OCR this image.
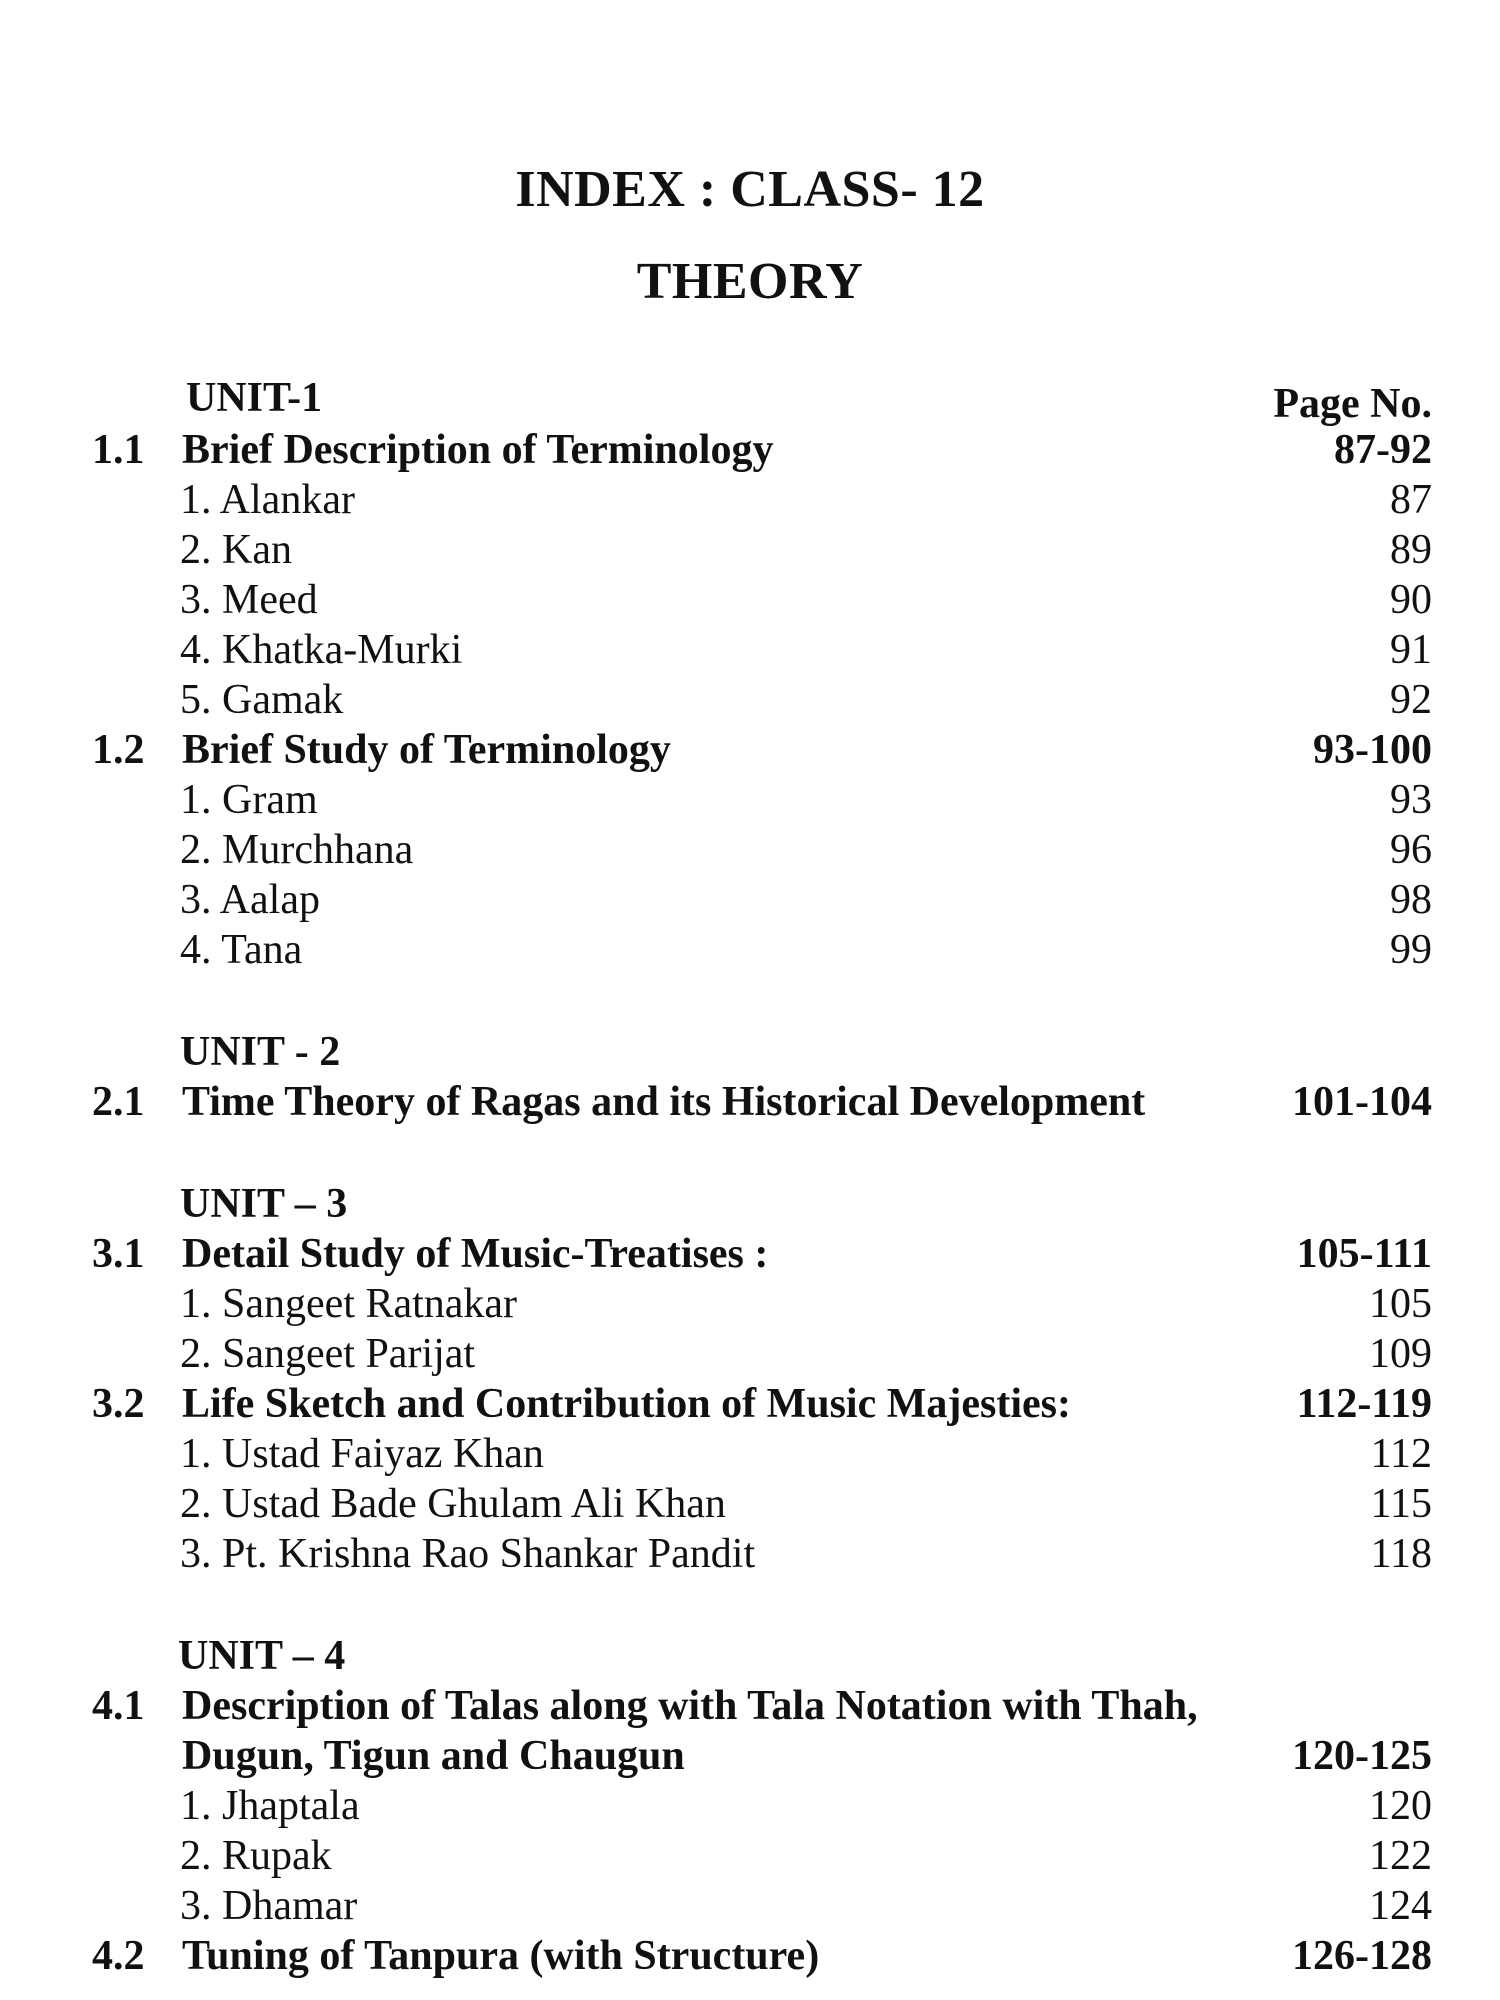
INDEX : CLASS- 12
THEORY
UNIT-1	Page No.
1.1 Brief Description of Terminology	87-92
1. Alankar	87
2. Kan	89
3. Meed	90
4. Khatka-Murki	91
5. Gamak	92
1.2 Brief Study of Terminology	93-100
1. Gram	93
2. Murchhana	96
3. Aalap	98
4. Tana	99
UNIT - 2
2.1 Time Theory of Ragas and its Historical Development	101-104
UNIT – 3
3.1 Detail Study of Music-Treatises :	105-111
1. Sangeet Ratnakar	105
2. Sangeet Parijat	109
3.2 Life Sketch and Contribution of Music Majesties:	112-119
1. Ustad Faiyaz Khan	112
2. Ustad Bade Ghulam Ali Khan	115
3. Pt. Krishna Rao Shankar Pandit	118
UNIT – 4
4.1 Description of Talas along with Tala Notation with Thah,
Dugun, Tigun and Chaugun	120-125
1. Jhaptala	120
2. Rupak	122
3. Dhamar	124
4.2 Tuning of Tanpura (with Structure)	126-128
